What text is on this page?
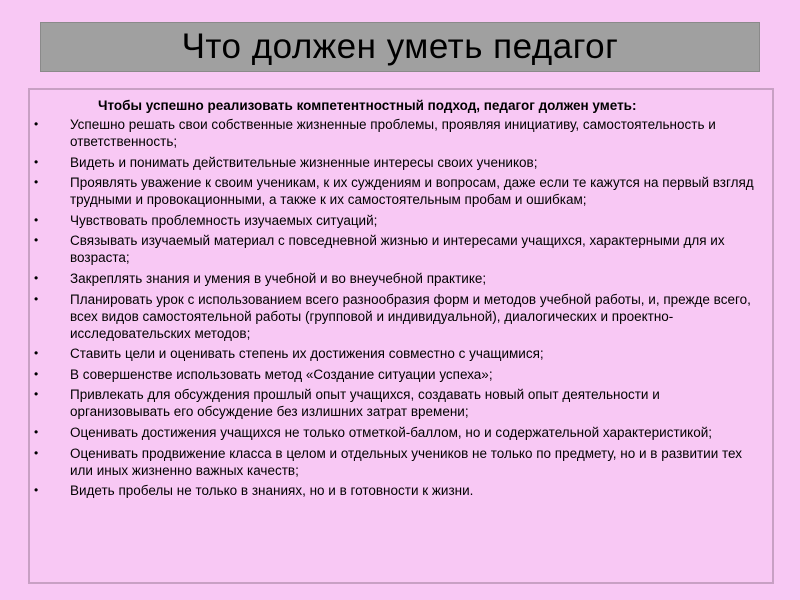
Что должен уметь педагог
Чтобы успешно реализовать компетентностный подход, педагог должен уметь:
•	Успешно решать свои собственные жизненные проблемы, проявляя инициативу, самостоятельность и ответственность;
•	Видеть и понимать действительные жизненные интересы своих учеников;
•	Проявлять уважение к своим ученикам, к их суждениям и вопросам, даже если те кажутся на первый взгляд трудными и провокационными, а также к их самостоятельным пробам и ошибкам;
•	Чувствовать проблемность изучаемых ситуаций;
•	Связывать изучаемый материал с повседневной жизнью и интересами учащихся, характерными для их возраста;
•	Закреплять знания и умения в учебной и во внеучебной практике;
•	Планировать урок с использованием всего разнообразия форм и методов учебной работы, и, прежде всего, всех видов самостоятельной работы (групповой и индивидуальной), диалогических и проектно-исследовательских методов;
•	Ставить цели и оценивать степень их достижения совместно с учащимися;
•	В совершенстве использовать метод «Создание ситуации успеха»;
•	Привлекать для обсуждения прошлый опыт учащихся, создавать новый опыт деятельности и организовывать его обсуждение без излишних затрат времени;
•	Оценивать достижения учащихся не только отметкой-баллом, но и содержательной характеристикой;
•	Оценивать продвижение класса в целом и отдельных учеников не только по предмету, но и в развитии тех или иных жизненно важных качеств;
•	Видеть пробелы не только в знаниях, но и в готовности к жизни.
